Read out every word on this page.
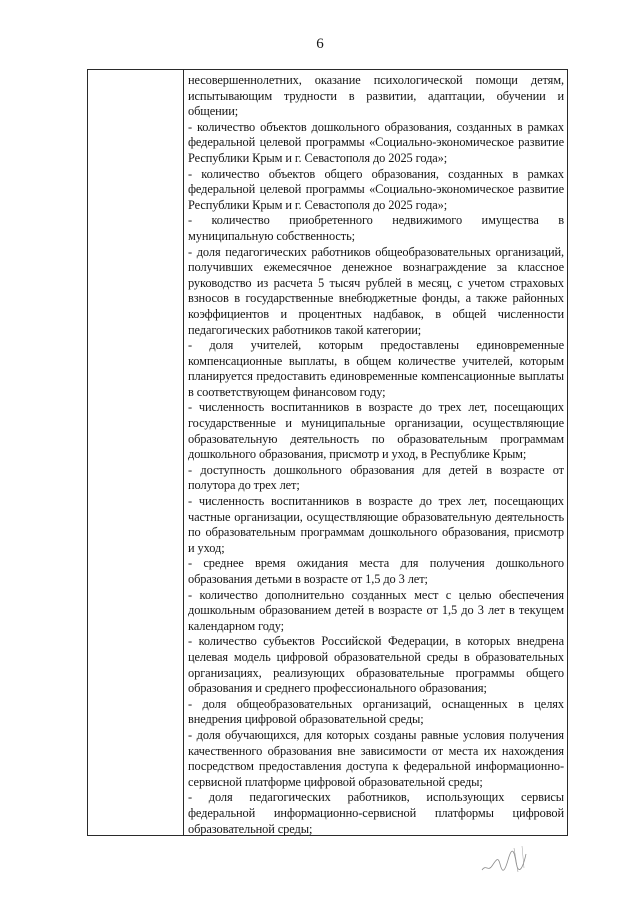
6

несовершеннолетних, оказание психологической помощи детям, испытывающим трудности в развитии, адаптации, обучении и общении;

- количество объектов дошкольного образования, созданных в рамках федеральной целевой программы «Социально-экономическое развитие Республики Крым и г. Севастополя до 2025 года»;

- количество объектов общего образования, созданных в рамках федеральной целевой программы «Социально-экономическое развитие Республики Крым и г. Севастополя до 2025 года»;

- количество приобретенного недвижимого имущества в муниципальную собственность;

- доля педагогических работников общеобразовательных организаций, получивших ежемесячное денежное вознаграждение за классное руководство из расчета 5 тысяч рублей в месяц, с учетом страховых взносов в государственные внебюджетные фонды, а также районных коэффициентов и процентных надбавок, в общей численности педагогических работников такой категории;

- доля учителей, которым предоставлены единовременные компенсационные выплаты, в общем количестве учителей, которым планируется предоставить единовременные компенсационные выплаты в соответствующем финансовом году;

- численность воспитанников в возрасте до трех лет, посещающих государственные и муниципальные организации, осуществляющие образовательную деятельность по образовательным программам дошкольного образования, присмотр и уход, в Республике Крым;

- доступность дошкольного образования для детей в возрасте от полутора до трех лет;

- численность воспитанников в возрасте до трех лет, посещающих частные организации, осуществляющие образовательную деятельность по образовательным программам дошкольного образования, присмотр и уход;

- среднее время ожидания места для получения дошкольного образования детьми в возрасте от 1,5 до 3 лет;

- количество дополнительно созданных мест с целью обеспечения дошкольным образованием детей в возрасте от 1,5 до 3 лет в текущем календарном году;

- количество субъектов Российской Федерации, в которых внедрена целевая модель цифровой образовательной среды в образовательных организациях, реализующих образовательные программы общего образования и среднего профессионального образования;

- доля общеобразовательных организаций, оснащенных в целях внедрения цифровой образовательной среды;

- доля обучающихся, для которых созданы равные условия получения качественного образования вне зависимости от места их нахождения посредством предоставления доступа к федеральной информационно-сервисной платформе цифровой образовательной среды;

- доля педагогических работников, использующих сервисы федеральной информационно-сервисной платформы цифровой образовательной среды;
